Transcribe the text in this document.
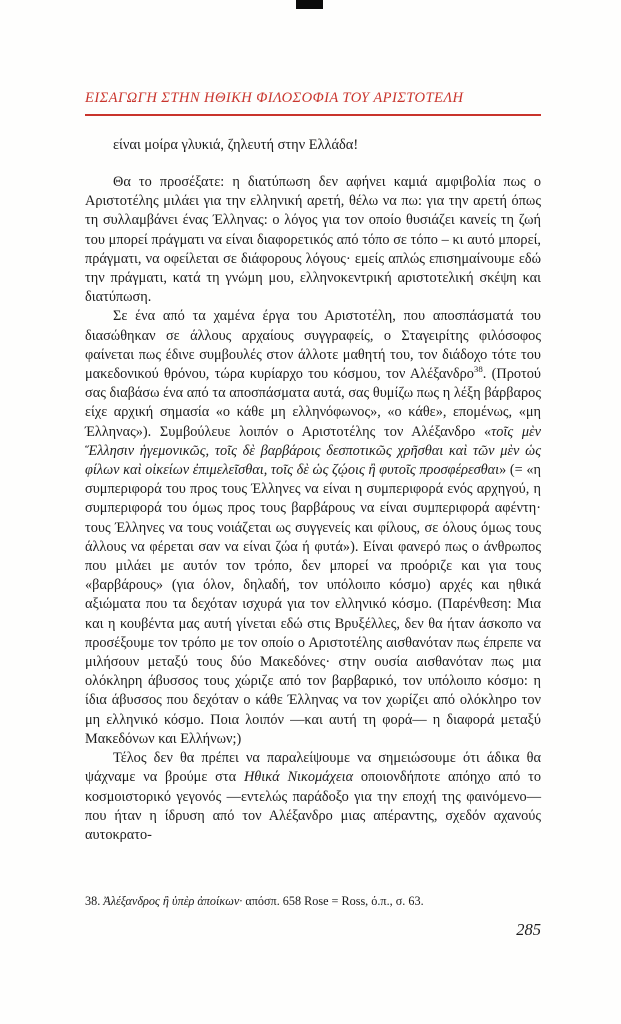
ΕΙΣΑΓΩΓΗ ΣΤΗΝ ΗΘΙΚΗ ΦΙΛΟΣΟΦΙΑ ΤΟΥ ΑΡΙΣΤΟΤΕΛΗ
είναι μοίρα γλυκιά, ζηλευτή στην Ελλάδα!

Θα το προσέξατε: η διατύπωση δεν αφήνει καμιά αμφιβολία πως ο Αριστοτέλης μιλάει για την ελληνική αρετή, θέλω να πω: για την αρετή όπως τη συλλαμβάνει ένας Έλληνας: ο λόγος για τον οποίο θυσιάζει κανείς τη ζωή του μπορεί πράγματι να είναι διαφορετικός από τόπο σε τόπο – κι αυτό μπορεί, πράγματι, να οφείλεται σε διάφορους λόγους· εμείς απλώς επισημαίνουμε εδώ την πράγματι, κατά τη γνώμη μου, ελληνοκεντρική αριστοτελική σκέψη και διατύπωση.

Σε ένα από τα χαμένα έργα του Αριστοτέλη, που αποσπάσματά του διασώθηκαν σε άλλους αρχαίους συγγραφείς, ο Σταγειρίτης φιλόσοφος φαίνεται πως έδινε συμβουλές στον άλλοτε μαθητή του, τον διάδοχο τότε του μακεδονικού θρόνου, τώρα κυρίαρχο του κόσμου, τον Αλέξανδρο$^{38}$. (Προτού σας διαβάσω ένα από τα αποσπάσματα αυτά, σας θυμίζω πως η λέξη βάρβαρος είχε αρχική σημασία «ο κάθε μη ελληνόφωνος», «ο κάθε», επομένως, «μη Έλληνας»). Συμβούλευε λοιπόν ο Αριστοτέλης τον Αλέξανδρο «τοῖς μὲν Ἕλλησιν ἡγεμονικῶς, τοῖς δὲ βαρβάροις δεσποτικῶς χρῆσθαι καὶ τῶν μὲν ὡς φίλων καὶ οἰκείων ἐπιμελεῖσθαι, τοῖς δὲ ὡς ζῴοις ἢ φυτοῖς προσφέρεσθαι» (= «η συμπεριφορά του προς τους Έλληνες να είναι η συμπεριφορά ενός αρχηγού, η συμπεριφορά του όμως προς τους βαρβάρους να είναι συμπεριφορά αφέντη· τους Έλληνες να τους νοιάζεται ως συγγενείς και φίλους, σε όλους όμως τους άλλους να φέρεται σαν να είναι ζώα ή φυτά»). Είναι φανερό πως ο άνθρωπος που μιλάει με αυτόν τον τρόπο, δεν μπορεί να προόριζε και για τους «βαρβάρους» (για όλον, δηλαδή, τον υπόλοιπο κόσμο) αρχές και ηθικά αξιώματα που τα δεχόταν ισχυρά για τον ελληνικό κόσμο. (Παρένθεση: Μια και η κουβέντα μας αυτή γίνεται εδώ στις Βρυξέλλες, δεν θα ήταν άσκοπο να προσέξουμε τον τρόπο με τον οποίο ο Αριστοτέλης αισθανόταν πως έπρεπε να μιλήσουν μεταξύ τους δύο Μακεδόνες· στην ουσία αισθανόταν πως μια ολόκληρη άβυσσος τους χώριζε από τον βαρβαρικό, τον υπόλοιπο κόσμο: η ίδια άβυσσος που δεχόταν ο κάθε Έλληνας να τον χωρίζει από ολόκληρο τον μη ελληνικό κόσμο. Ποια λοιπόν —και αυτή τη φορά— η διαφορά μεταξύ Μακεδόνων και Ελλήνων;)

Τέλος δεν θα πρέπει να παραλείψουμε να σημειώσουμε ότι άδικα θα ψάχναμε να βρούμε στα Ηθικά Νικομάχεια οποιονδήποτε απόηχο από το κοσμοιστορικό γεγονός —εντελώς παράδοξο για την εποχή της φαινόμενο— που ήταν η ίδρυση από τον Αλέξανδρο μιας απέραντης, σχεδόν αχανούς αυτοκρατο-

38. Ἀλέξανδρος ἢ ὑπὲρ ἀποίκων· απόσπ. 658 Rose = Ross, ό.π., σ. 63.
285
